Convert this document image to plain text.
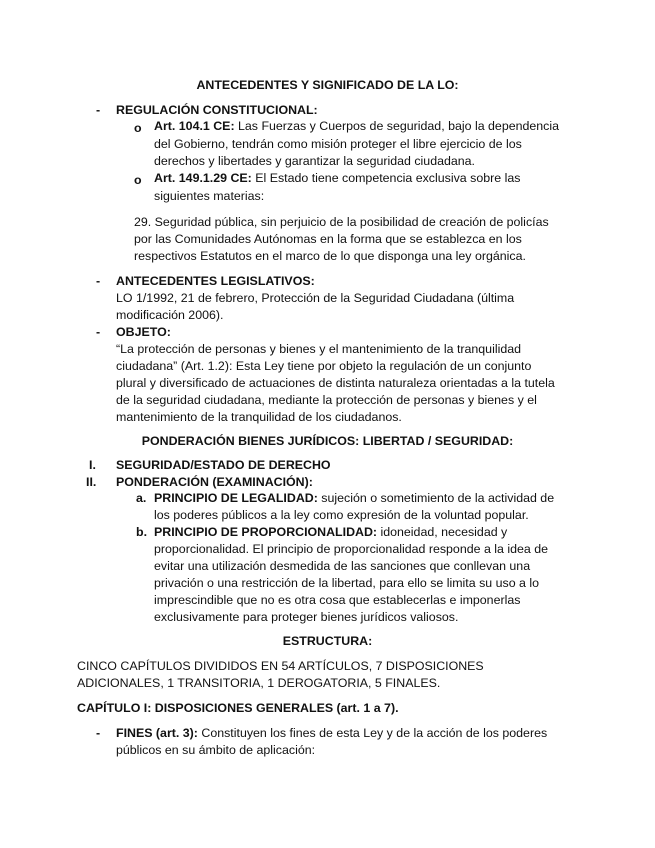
ANTECEDENTES Y SIGNIFICADO DE LA LO:
- REGULACIÓN CONSTITUCIONAL:
o Art. 104.1 CE: Las Fuerzas y Cuerpos de seguridad, bajo la dependencia
del Gobierno, tendrán como misión proteger el libre ejercicio de los
derechos y libertades y garantizar la seguridad ciudadana.
o Art. 149.1.29 CE: El Estado tiene competencia exclusiva sobre las
siguientes materias:
29. Seguridad pública, sin perjuicio de la posibilidad de creación de policías
por las Comunidades Autónomas en la forma que se establezca en los
respectivos Estatutos en el marco de lo que disponga una ley orgánica.
- ANTECEDENTES LEGISLATIVOS:
LO 1/1992, 21 de febrero, Protección de la Seguridad Ciudadana (última
modificación 2006).
- OBJETO:
“La protección de personas y bienes y el mantenimiento de la tranquilidad
ciudadana” (Art. 1.2): Esta Ley tiene por objeto la regulación de un conjunto
plural y diversificado de actuaciones de distinta naturaleza orientadas a la tutela
de la seguridad ciudadana, mediante la protección de personas y bienes y el
mantenimiento de la tranquilidad de los ciudadanos.
PONDERACIÓN BIENES JURÍDICOS: LIBERTAD / SEGURIDAD:
I. SEGURIDAD/ESTADO DE DERECHO
II. PONDERACIÓN (EXAMINACIÓN):
a. PRINCIPIO DE LEGALIDAD: sujeción o sometimiento de la actividad de
los poderes públicos a la ley como expresión de la voluntad popular.
b. PRINCIPIO DE PROPORCIONALIDAD: idoneidad, necesidad y
proporcionalidad. El principio de proporcionalidad responde a la idea de
evitar una utilización desmedida de las sanciones que conllevan una
privación o una restricción de la libertad, para ello se limita su uso a lo
imprescindible que no es otra cosa que establecerlas e imponerlas
exclusivamente para proteger bienes jurídicos valiosos.
ESTRUCTURA:
CINCO CAPÍTULOS DIVIDIDOS EN 54 ARTÍCULOS, 7 DISPOSICIONES
ADICIONALES, 1 TRANSITORIA, 1 DEROGATORIA, 5 FINALES.
CAPÍTULO I: DISPOSICIONES GENERALES (art. 1 a 7).
- FINES (art. 3): Constituyen los fines de esta Ley y de la acción de los poderes
públicos en su ámbito de aplicación:
